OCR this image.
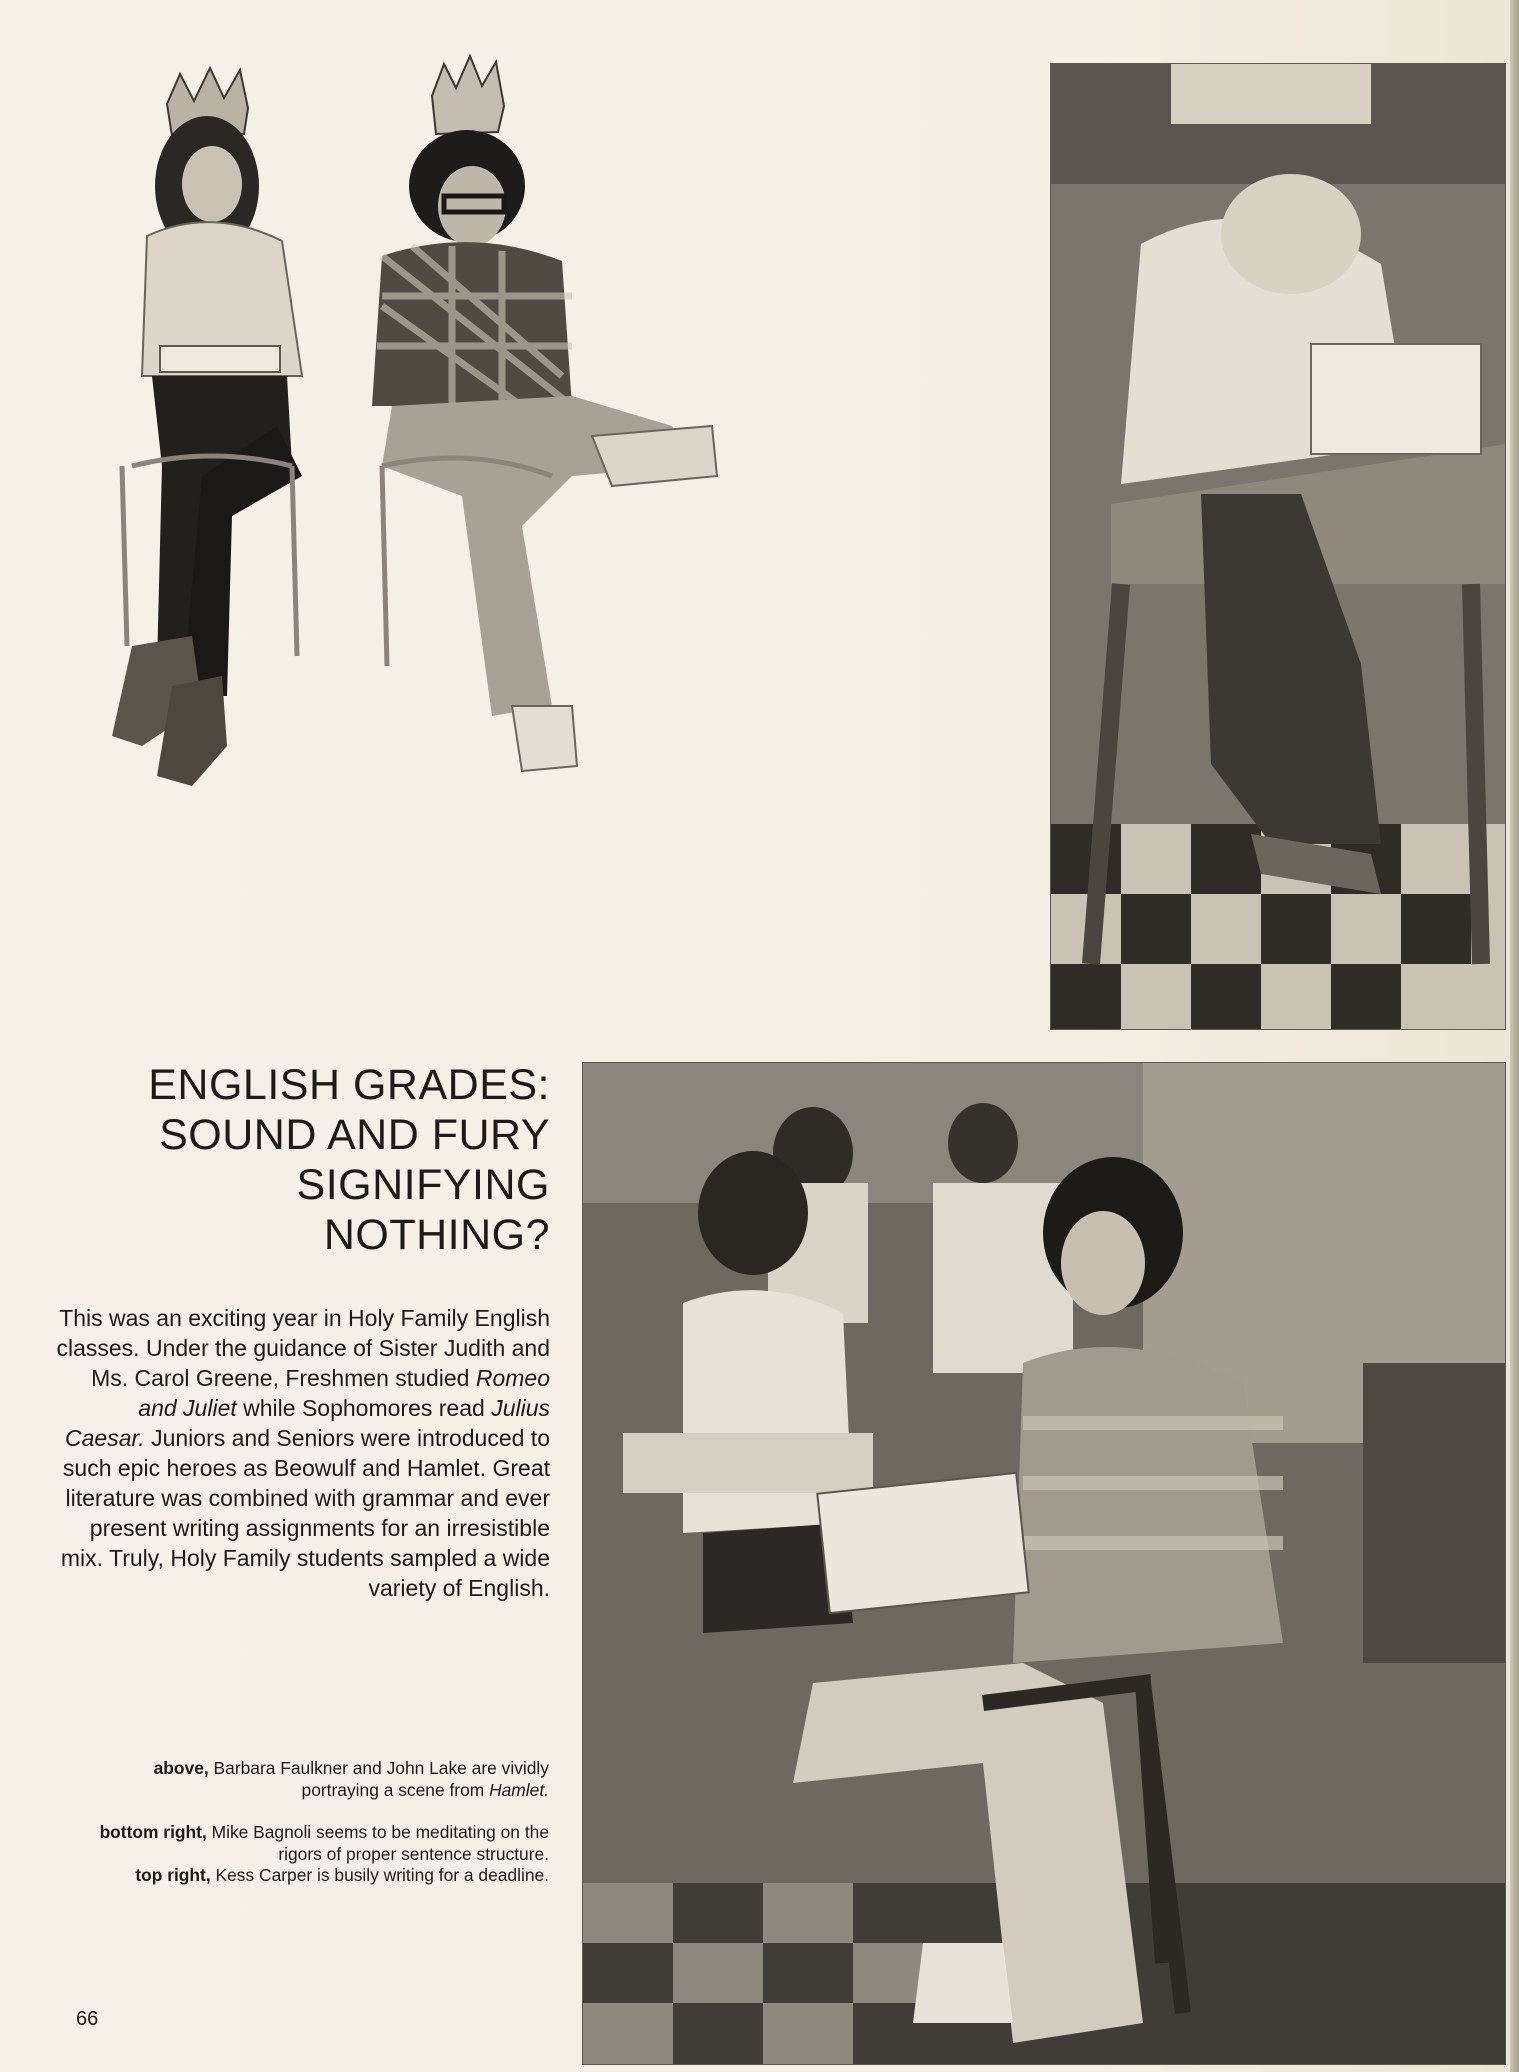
ENGLISH GRADES:
SOUND AND FURY
SIGNIFYING
NOTHING?

This was an exciting year in Holy Family English classes. Under the guidance of Sister Judith and Ms. Carol Greene, Freshmen studied Romeo and Juliet while Sophomores read Julius Caesar. Juniors and Seniors were introduced to such epic heroes as Beowulf and Hamlet. Great literature was combined with grammar and ever present writing assignments for an irresistible mix. Truly, Holy Family students sampled a wide variety of English.

above, Barbara Faulkner and John Lake are vividly portraying a scene from Hamlet.

bottom right, Mike Bagnoli seems to be meditating on the rigors of proper sentence structure.

top right, Kess Carper is busily writing for a deadline.

66
